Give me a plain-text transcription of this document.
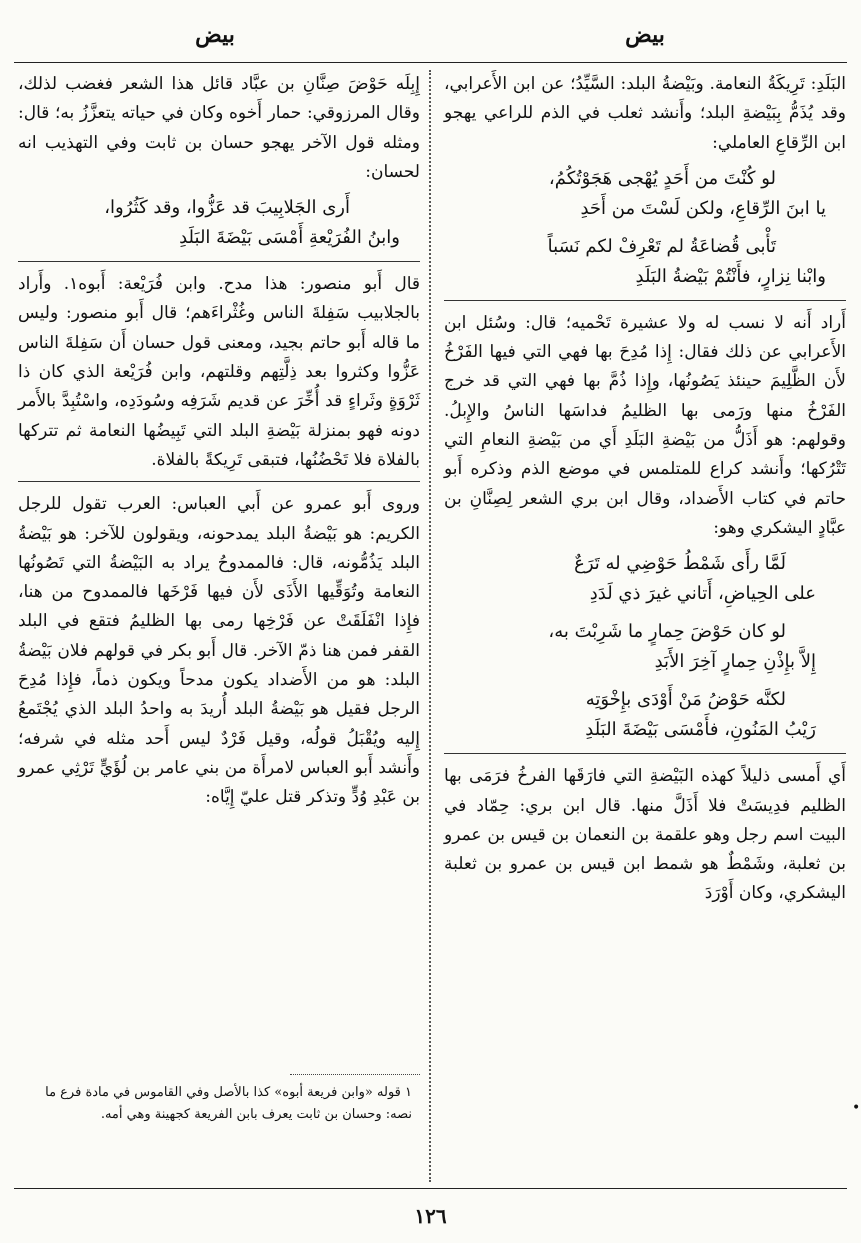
بيض
بيض

البَلَدِ: تَرِيكَةُ النعامة. وبَيْضةُ البلد: السَّيِّدُ؛ عن ابن الأَعرابي، وقد يُذَمُّ بِبَيْضةِ البلد؛ وأَنشد ثعلب في الذم للراعي يهجو ابن الرِّقاعِ العاملي:

لو كُنْتَ من أَحَدٍ يُهْجى هَجَوْتُكُمُ،
يا ابنَ الرِّقاعِ، ولكن لَسْتَ من أَحَدِ
تَأْبى قُضاعَةُ لم تَعْرِفْ لكم نَسَباً
وابْنا نِزارٍ، فأَنْتُمْ بَيْضةُ البَلَدِ

أَراد أَنه لا نسب له ولا عشيرة تَحْميه؛ قال: وسُئل ابن الأَعرابي عن ذلك فقال: إِذا مُدِحَ بها فهي التي فيها الفَرْخُ لأَن الظَّلِيمَ حينئذ يَصُونُها، وإِذا ذُمَّ بها فهي التي قد خرج الفَرْخُ منها ورَمى بها الظليمُ فداسَها الناسُ والإِبلُ. وقولهم: هو أَذَلُّ من بَيْضةِ البَلَدِ أَي من بَيْضةِ النعامِ التي تَتْرُكها؛ وأَنشد كراع للمتلمس في موضع الذم وذكره أَبو حاتم في كتاب الأَضداد، وقال ابن بري الشعر لِصِنَّانِ بن عبَّادٍ اليشكري وهو:

لَمَّا رأَى شَمْطُ حَوْضِي له تَرَعٌ
على الحِياضِ، أَتاني غيرَ ذي لَدَدِ
لو كان حَوْضَ حِمارٍ ما شَرِبْتَ به،
إِلاَّ بإِذْنِ حِمارٍ آخِرَ الأَبَدِ
لكنَّه حَوْضُ مَنْ أَوْدَى بإِخْوَتِه
رَيْبُ المَنُونِ، فأَمْسَى بَيْضَةَ البَلَدِ

أَي أَمسى ذليلاً كهذه البَيْضةِ التي فارَقَها الفرخُ فرَمَى بها الظليم فدِيسَتْ فلا أَذَلَّ منها. قال ابن بري: حِمّاد في البيت اسم رجل وهو علقمة بن النعمان بن قيس بن عمرو بن ثعلبة، وشَمْطٌ هو شمط ابن قيس بن عمرو بن ثعلبة اليشكري، وكان أَوْرَدَ

إِبِلَه حَوْضَ صِنَّانِ بن عبَّاد قائل هذا الشعر فغضب لذلك، وقال المرزوقي: حمار أَخوه وكان في حياته يتعزَّزُ به؛ قال: ومثله قول الآخر يهجو حسان بن ثابت وفي التهذيب انه لحسان:

أَرى الجَلابِيبَ قد عَزُّوا، وقد كَثُرُوا،
وابنُ الفُرَيْعةِ أَمْسَى بَيْضَةَ البَلَدِ

قال أَبو منصور: هذا مدح. وابن فُرَيْعة: أَبوه١. وأَراد بالجلابيب سَفِلةَ الناس وغُثْراءَهم؛ قال أَبو منصور: وليس ما قاله أَبو حاتم بجيد، ومعنى قول حسان أَن سَفِلةَ الناس عَزُّوا وكثروا بعد ذِلَّتِهم وقلتهم، وابن فُرَيْعة الذي كان ذا ثَرْوَةٍ وثَراءٍ قد أُخِّرَ عن قديم شَرَفِه وسُودَدِه، واسْتُبِدَّ بالأَمر دونه فهو بمنزلة بَيْضةِ البلد التي تَبِيضُها النعامة ثم تتركها بالفلاة فلا تَحْضُنُها، فتبقى تَرِيكةً بالفلاة.

وروى أَبو عمرو عن أَبي العباس: العرب تقول للرجل الكريم: هو بَيْضةُ البلد يمدحونه، ويقولون للآخر: هو بَيْضةُ البلد يَذُمُّونه، قال: فالممدوحُ يراد به البَيْضةُ التي تَصُونُها النعامة وتُوَقِّيها الأَذَى لأَن فيها فَرْخَها فالممدوح من هنا، فإِذا انْفَلَقَتْ عن فَرْخِها رمى بها الظليمُ فتقع في البلد القفر فمن هنا ذمّ الآخر. قال أَبو بكر في قولهم فلان بَيْضةُ البلد: هو من الأَضداد يكون مدحاً ويكون ذماً، فإِذا مُدِحَ الرجل فقيل هو بَيْضةُ البلد أُريدَ به واحدُ البلد الذي يُجْتَمعُ إِليه ويُقْبَلُ قولُه، وقيل فَرْدٌ ليس أَحد مثله في شرفه؛ وأَنشد أَبو العباس لامرأَة من بني عامر بن لُؤَيٍّ تَرْثِي عمرو بن عَبْدِ وُدٍّ وتذكر قتل عليّ إِيَّاه:

١ قوله «وابن فريعة أبوه» كذا بالأصل وفي القاموس في مادة فرع ما نصه: وحسان بن ثابت يعرف بابن الفريعة كجهينة وهي أمه.	•
١٢٦
